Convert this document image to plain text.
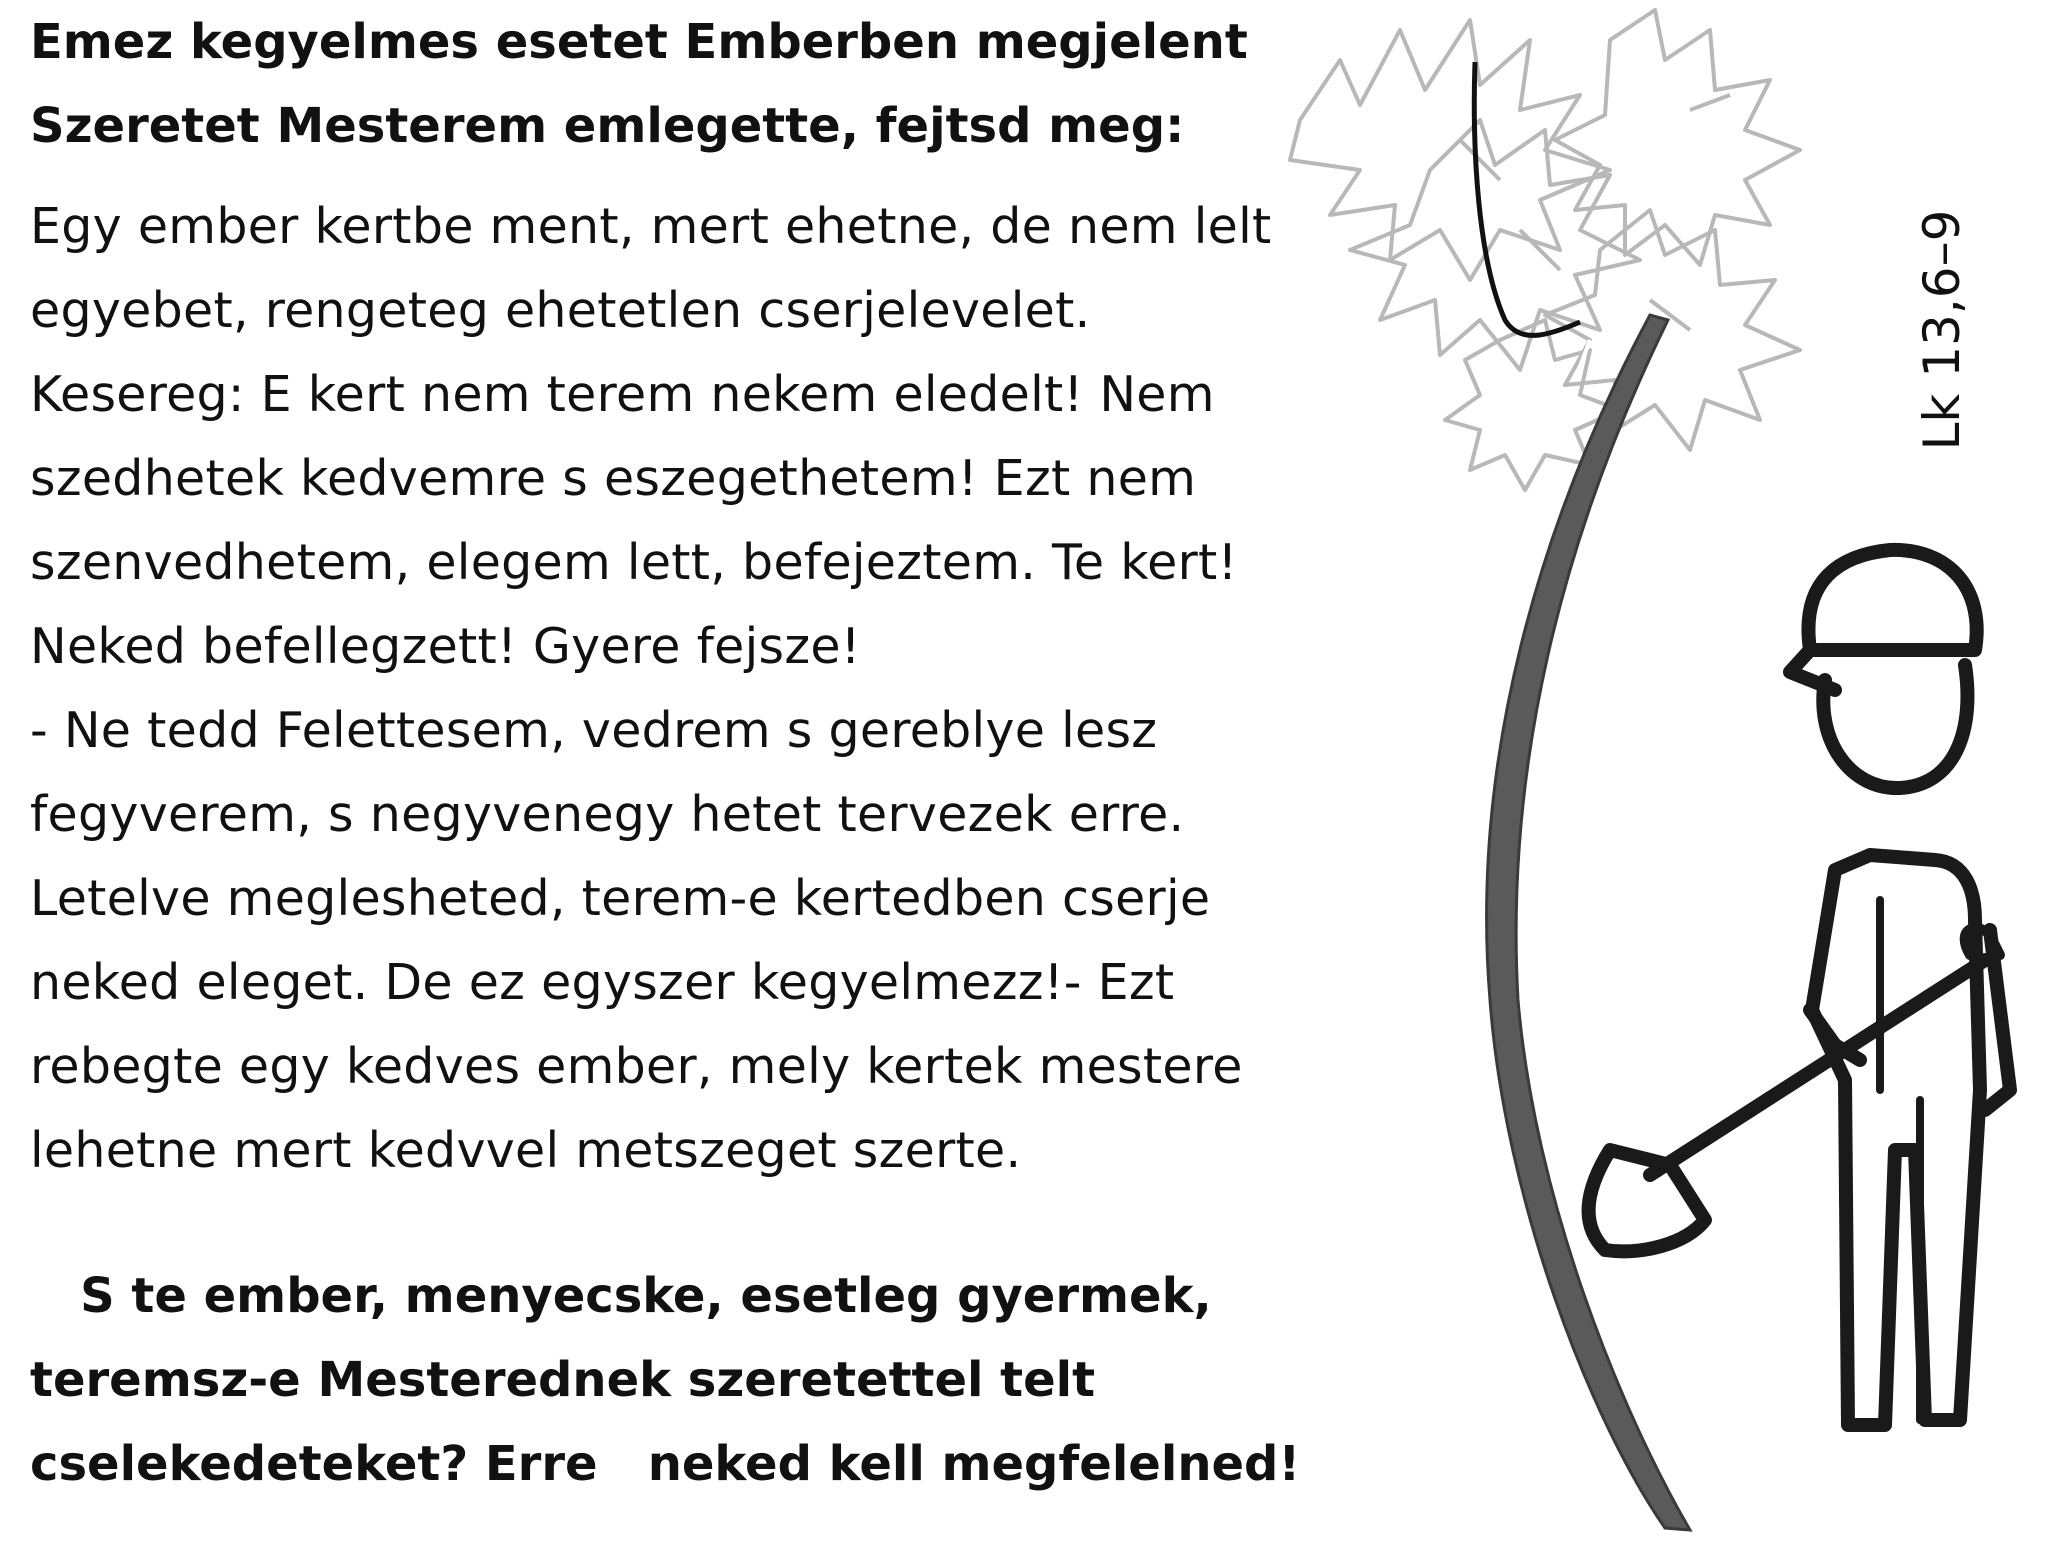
Emez kegyelmes esetet Emberben megjelent
Szeretet Mesterem emlegette, fejtsd meg:
Egy ember kertbe ment, mert ehetne, de nem lelt
egyebet, rengeteg ehetetlen cserjelevelet.
Kesereg: E kert nem terem nekem eledelt! Nem
szedhetek kedvemre s eszegethetem! Ezt nem
szenvedhetem, elegem lett, befejeztem. Te kert!
Neked befellegzett! Gyere fejsze!
- Ne tedd Felettesem, vedrem s gereblye lesz
fegyverem, s negyvenegy hetet tervezek erre.
Letelve meglesheted, terem-e kertedben cserje
neked eleget. De ez egyszer kegyelmezz!- Ezt
rebegte egy kedves ember, mely kertek mestere
lehetne mert kedvvel metszeget szerte.
S te ember, menyecske, esetleg gyermek,
teremsz-e Mesterednek szeretettel telt
cselekedeteket? Erre   neked kell megfelelned!
Lk 13,6–9
